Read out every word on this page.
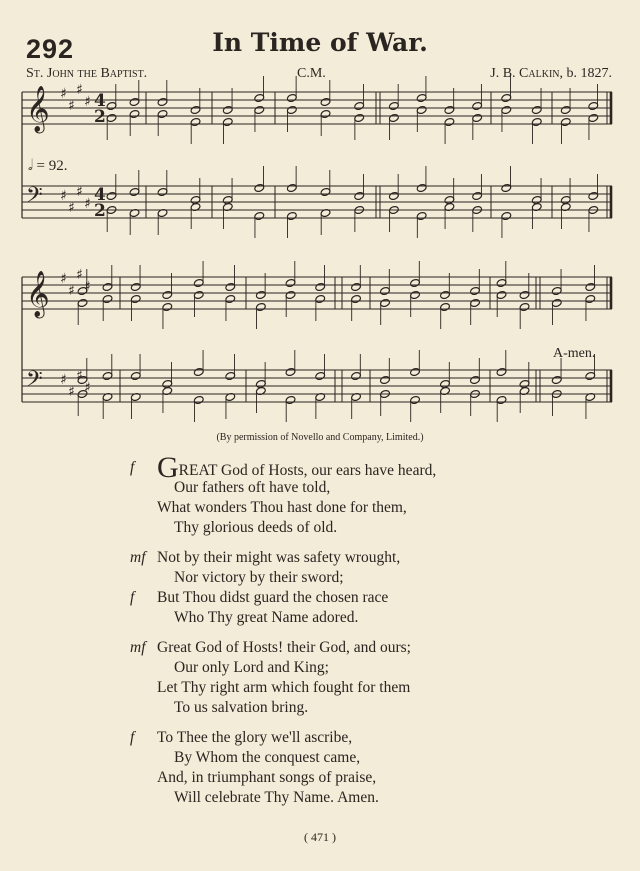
292	In Time of War.
St. John the Baptist.	C.M.	J. B. Calkin, b. 1827.
𝄞
𝄢
♯
♯
♯
♯
♯
♯
♯
♯
4
4
2
2
𝄞
𝄢
♯
♯
♯
♯
♯
♯
♯
♯
𝅗𝅥 = 92.
A-men.
(By permission of Novello and Company, Limited.)
f GREAT God of Hosts, our ears have heard,
Our fathers oft have told,
What wonders Thou hast done for them,
Thy glorious deeds of old.
mf Not by their might was safety wrought,
Nor victory by their sword;
f But Thou didst guard the chosen race
Who Thy great Name adored.
mf Great God of Hosts! their God, and ours;
Our only Lord and King;
Let Thy right arm which fought for them
To us salvation bring.
f To Thee the glory we'll ascribe,
By Whom the conquest came,
And, in triumphant songs of praise,
Will celebrate Thy Name. Amen.
( 471 )
